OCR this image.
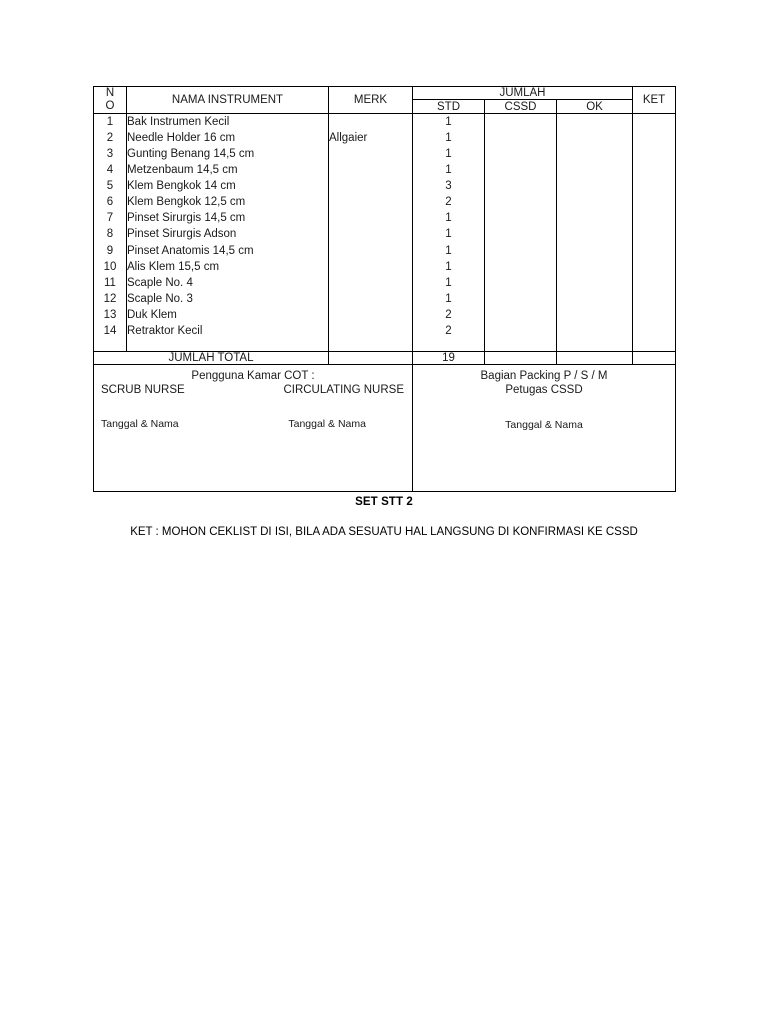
N
O	NAMA INSTRUMENT	MERK	JUMLAH			KET
			STD	CSSD	OK	
1	Bak Instrumen Kecil		1			
2	Needle Holder 16 cm	Allgaier	1			
3	Gunting Benang 14,5 cm		1			
4	Metzenbaum 14,5 cm		1			
5	Klem Bengkok 14 cm		3			
6	Klem Bengkok 12,5 cm		2			
7	Pinset Sirurgis 14,5 cm		1			
8	Pinset Sirurgis Adson		1			
9	Pinset Anatomis 14,5 cm		1			
10	Alis Klem 15,5 cm		1			
11	Scaple No. 4		1			
12	Scaple No. 3		1			
13	Duk Klem		2			
14	Retraktor Kecil		2			

JUMLAH TOTAL			19			

Pengguna Kamar COT :
SCRUB NURSE	CIRCULATING NURSE
Tanggal & Nama	Tanggal & Nama

Bagian Packing P / S / M
Petugas CSSD
Tanggal & Nama
SET STT 2
KET : MOHON CEKLIST DI ISI, BILA ADA SESUATU HAL LANGSUNG DI KONFIRMASI KE CSSD
